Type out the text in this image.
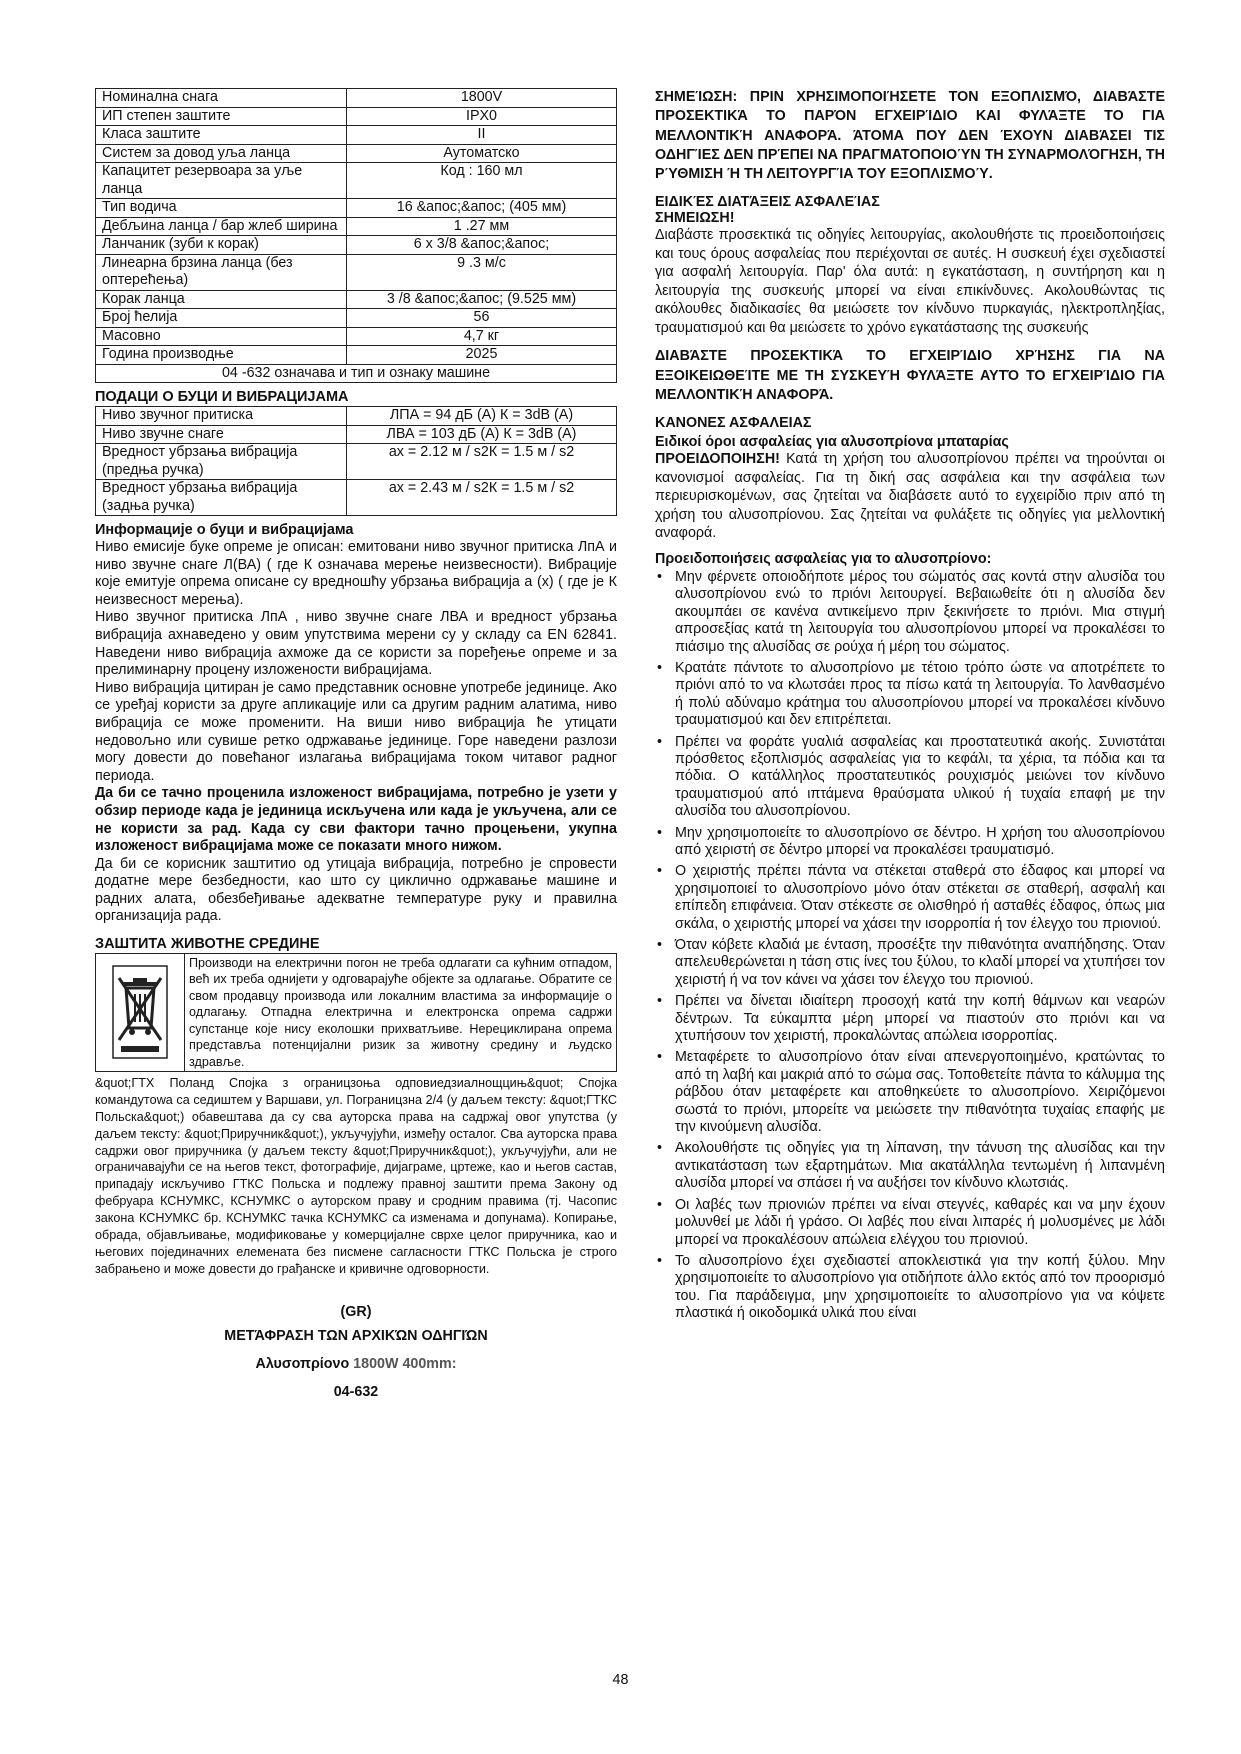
Номинална снага	1800V
ИП степен заштите	IPX0
Класа заштите	II
Систем за довод уља ланца	Аутоматско
Капацитет резервоара за уље ланца	Код : 160 мл
Тип водича	16 &апос;&апос; (405 мм)
Дебљина ланца / бар жлеб ширина	1 .27 мм
Ланчаник (зуби к корак)	6 x 3/8 &апос;&апос;
Линеарна брзина ланца (без оптерећења)	9 .3 м/с
Корак ланца	3 /8 &апос;&апос; (9.525 мм)
Број ћелија	56
Масовно	4,7 кг
Година производње	2025
04 -632 означава и тип и ознаку машине	
ПОДАЦИ О БУЦИ И ВИБРАЦИЈАМА
Ниво звучног притиска	ЛПА = 94 дБ (А) К = 3dB (А)
Ниво звучне снаге	ЛВА = 103 дБ (А) К = 3dB (А)
Вредност убрзања вибрација (предња ручка)	ах = 2.12 м / s2К = 1.5 м / s2
Вредност убрзања вибрација (задња ручка)	ах = 2.43 м / s2К = 1.5 м / s2
Информације о буци и вибрацијама

Ниво емисије буке опреме је описан: емитовани ниво звучног притиска ЛпА и ниво звучне снаге Л(ВА) ( где К означава мерење неизвесности). Вибрације које емитује опрема описане су вредношћу убрзања вибрација а (х) ( где је К неизвесност мерења).

Ниво звучног притиска ЛпА , ниво звучне снаге ЛВА и вредност убрзања вибрација ахнаведено у овим упутствима мерени су у складу са EN 62841. Наведени ниво вибрација ахможе да се користи за поређење опреме и за прелиминарну процену изложености вибрацијама.

Ниво вибрација цитиран је само представник основне употребе јединице. Ако се уређај користи за друге апликације или са другим радним алатима, ниво вибрација се може променити. На виши ниво вибрација ће утицати недовољно или сувише ретко одржавање јединице. Горе наведени разлози могу довести до повећаног излагања вибрацијама током читавог радног периода.

Да би се тачно проценила изложеност вибрацијама, потребно је узети у обзир периоде када је јединица искључена или када је укључена, али се не користи за рад. Када су сви фактори тачно процењени, укупна изложеност вибрацијама може се показати много нижом.

Да би се корисник заштитио од утицаја вибрација, потребно је спровести додатне мере безбедности, као што су циклично одржавање машине и радних алата, обезбеђивање адекватне температуре руку и правилна организација рада.

ЗАШТИТА ЖИВОТНЕ СРЕДИНЕ
Производи на електрични погон не треба одлагати са кућним отпадом, већ их треба однијети у одговарајуће објекте за одлагање. Обратите се свом продавцу производа или локалним властима за информације о одлагању. Отпадна електрична и електронска опрема садржи супстанце које нису еколошки прихватљиве. Нерециклирана опрема представља потенцијални ризик за животну средину и људско здравље.

&quot;ГТХ Поланд Спојка з ограницзоња одповиедзиалнощцињ&quot; Спојка командутowа са седиштем у Варшави, ул. Пограницзна 2/4 (у даљем тексту: &quot;ГТКС Польска&quot;) обавештава да су сва ауторска права на садржај овог упутства (у даљем тексту: &quot;Приручник&quot;), укључујући, између осталог. Сва ауторска права садржи овог приручника (у даљем тексту &quot;Приручник&quot;), укључујући, али не ограничавајући се на његов текст, фотографије, дијаграме, цртеже, као и његов састав, припадају искључиво ГТКС Польска и подлежу правној заштити према Закону од фебруара КСНУМКС, КСНУМКС о ауторском праву и сродним правима (тј. Часопис закона КСНУМКС бр. КСНУМКС тачка КСНУМКС са изменама и допунама). Копирање, обрада, објављивање, модификовање у комерцијалне сврхе целог приручника, као и његових појединачних елемената без писмене сагласности ГТКС Польска је строго забрањено и може довести до грађанске и кривичне одговорности.

(GR)
ΜΕΤΆΦΡΑΣΗ ΤΩΝ ΑΡΧΙΚΏΝ ΟΔΗΓΙΏΝ
Αλυσοπρίονο 1800W 400mm:
04-632

ΣΗΜΕΊΩΣΗ: ΠΡΙΝ ΧΡΗΣΙΜΟΠΟΙΉΣΕΤΕ ΤΟΝ ΕΞΟΠΛΙΣΜΌ, ΔΙΑΒΆΣΤΕ ΠΡΟΣΕΚΤΙΚΆ ΤΟ ΠΑΡΌΝ ΕΓΧΕΙΡΊΔΙΟ ΚΑΙ ΦΥΛΆΞΤΕ ΤΟ ΓΙΑ ΜΕΛΛΟΝΤΙΚΉ ΑΝΑΦΟΡΆ. ΆΤΟΜΑ ΠΟΥ ΔΕΝ ΈΧΟΥΝ ΔΙΑΒΆΣΕΙ ΤΙΣ ΟΔΗΓΊΕΣ ΔΕΝ ΠΡΈΠΕΙ ΝΑ ΠΡΑΓΜΑΤΟΠΟΙΟΎΝ ΤΗ ΣΥΝΑΡΜΟΛΌΓΗΣΗ, ΤΗ ΡΎΘΜΙΣΗ Ή ΤΗ ΛΕΙΤΟΥΡΓΊΑ ΤΟΥ ΕΞΟΠΛΙΣΜΟΎ.

ΕΙΔΙΚΈΣ ΔΙΑΤΆΞΕΙΣ ΑΣΦΑΛΕΊΑΣ
ΣΗΜΕΙΩΣΗ!

Διαβάστε προσεκτικά τις οδηγίες λειτουργίας, ακολουθήστε τις προειδοποιήσεις και τους όρους ασφαλείας που περιέχονται σε αυτές. Η συσκευή έχει σχεδιαστεί για ασφαλή λειτουργία. Παρ' όλα αυτά: η εγκατάσταση, η συντήρηση και η λειτουργία της συσκευής μπορεί να είναι επικίνδυνες. Ακολουθώντας τις ακόλουθες διαδικασίες θα μειώσετε τον κίνδυνο πυρκαγιάς, ηλεκτροπληξίας, τραυματισμού και θα μειώσετε το χρόνο εγκατάστασης της συσκευής

ΔΙΑΒΆΣΤΕ ΠΡΟΣΕΚΤΙΚΆ ΤΟ ΕΓΧΕΙΡΊΔΙΟ ΧΡΉΣΗΣ ΓΙΑ ΝΑ ΕΞΟΙΚΕΙΩΘΕΊΤΕ ΜΕ ΤΗ ΣΥΣΚΕΥΉ ΦΥΛΆΞΤΕ ΑΥΤΌ ΤΟ ΕΓΧΕΙΡΊΔΙΟ ΓΙΑ ΜΕΛΛΟΝΤΙΚΉ ΑΝΑΦΟΡΆ.

ΚΑΝΟΝΕΣ ΑΣΦΑΛΕΙΑΣ
Ειδικοί όροι ασφαλείας για αλυσοπρίονα μπαταρίας

ΠΡΟΕΙΔΟΠΟΙΗΣΗ! Κατά τη χρήση του αλυσοπρίονου πρέπει να τηρούνται οι κανονισμοί ασφαλείας. Για τη δική σας ασφάλεια και την ασφάλεια των περιευρισκομένων, σας ζητείται να διαβάσετε αυτό το εγχειρίδιο πριν από τη χρήση του αλυσοπρίονου. Σας ζητείται να φυλάξετε τις οδηγίες για μελλοντική αναφορά.

Προειδοποιήσεις ασφαλείας για το αλυσοπρίονο:
• Μην φέρνετε οποιοδήποτε μέρος του σώματός σας κοντά στην αλυσίδα του αλυσοπρίονου ενώ το πριόνι λειτουργεί. Βεβαιωθείτε ότι η αλυσίδα δεν ακουμπάει σε κανένα αντικείμενο πριν ξεκινήσετε το πριόνι. Μια στιγμή απροσεξίας κατά τη λειτουργία του αλυσοπρίονου μπορεί να προκαλέσει το πιάσιμο της αλυσίδας σε ρούχα ή μέρη του σώματος.
• Κρατάτε πάντοτε το αλυσοπρίονο με τέτοιο τρόπο ώστε να αποτρέπετε το πριόνι από το να κλωτσάει προς τα πίσω κατά τη λειτουργία. Το λανθασμένο ή πολύ αδύναμο κράτημα του αλυσοπρίονου μπορεί να προκαλέσει κίνδυνο τραυματισμού και δεν επιτρέπεται.
• Πρέπει να φοράτε γυαλιά ασφαλείας και προστατευτικά ακοής. Συνιστάται πρόσθετος εξοπλισμός ασφαλείας για το κεφάλι, τα χέρια, τα πόδια και τα πόδια. Ο κατάλληλος προστατευτικός ρουχισμός μειώνει τον κίνδυνο τραυματισμού από ιπτάμενα θραύσματα υλικού ή τυχαία επαφή με την αλυσίδα του αλυσοπρίονου.
• Μην χρησιμοποιείτε το αλυσοπρίονο σε δέντρο. Η χρήση του αλυσοπρίονου από χειριστή σε δέντρο μπορεί να προκαλέσει τραυματισμό.
• Ο χειριστής πρέπει πάντα να στέκεται σταθερά στο έδαφος και μπορεί να χρησιμοποιεί το αλυσοπρίονο μόνο όταν στέκεται σε σταθερή, ασφαλή και επίπεδη επιφάνεια. Όταν στέκεστε σε ολισθηρό ή ασταθές έδαφος, όπως μια σκάλα, ο χειριστής μπορεί να χάσει την ισορροπία ή τον έλεγχο του πριονιού.
• Όταν κόβετε κλαδιά με ένταση, προσέξτε την πιθανότητα αναπήδησης. Όταν απελευθερώνεται η τάση στις ίνες του ξύλου, το κλαδί μπορεί να χτυπήσει τον χειριστή ή να τον κάνει να χάσει τον έλεγχο του πριονιού.
• Πρέπει να δίνεται ιδιαίτερη προσοχή κατά την κοπή θάμνων και νεαρών δέντρων. Τα εύκαμπτα μέρη μπορεί να πιαστούν στο πριόνι και να χτυπήσουν τον χειριστή, προκαλώντας απώλεια ισορροπίας.
• Μεταφέρετε το αλυσοπρίονο όταν είναι απενεργοποιημένο, κρατώντας το από τη λαβή και μακριά από το σώμα σας. Τοποθετείτε πάντα το κάλυμμα της ράβδου όταν μεταφέρετε και αποθηκεύετε το αλυσοπρίονο. Χειριζόμενοι σωστά το πριόνι, μπορείτε να μειώσετε την πιθανότητα τυχαίας επαφής με την κινούμενη αλυσίδα.
• Ακολουθήστε τις οδηγίες για τη λίπανση, την τάνυση της αλυσίδας και την αντικατάσταση των εξαρτημάτων. Μια ακατάλληλα τεντωμένη ή λιπανμένη αλυσίδα μπορεί να σπάσει ή να αυξήσει τον κίνδυνο κλωτσιάς.
• Οι λαβές των πριονιών πρέπει να είναι στεγνές, καθαρές και να μην έχουν μολυνθεί με λάδι ή γράσο. Οι λαβές που είναι λιπαρές ή μολυσμένες με λάδι μπορεί να προκαλέσουν απώλεια ελέγχου του πριονιού.
• Το αλυσοπρίονο έχει σχεδιαστεί αποκλειστικά για την κοπή ξύλου. Μην χρησιμοποιείτε το αλυσοπρίονο για οτιδήποτε άλλο εκτός από τον προορισμό του. Για παράδειγμα, μην χρησιμοποιείτε το αλυσοπρίονο για να κόψετε πλαστικά ή οικοδομικά υλικά που είναι
48
